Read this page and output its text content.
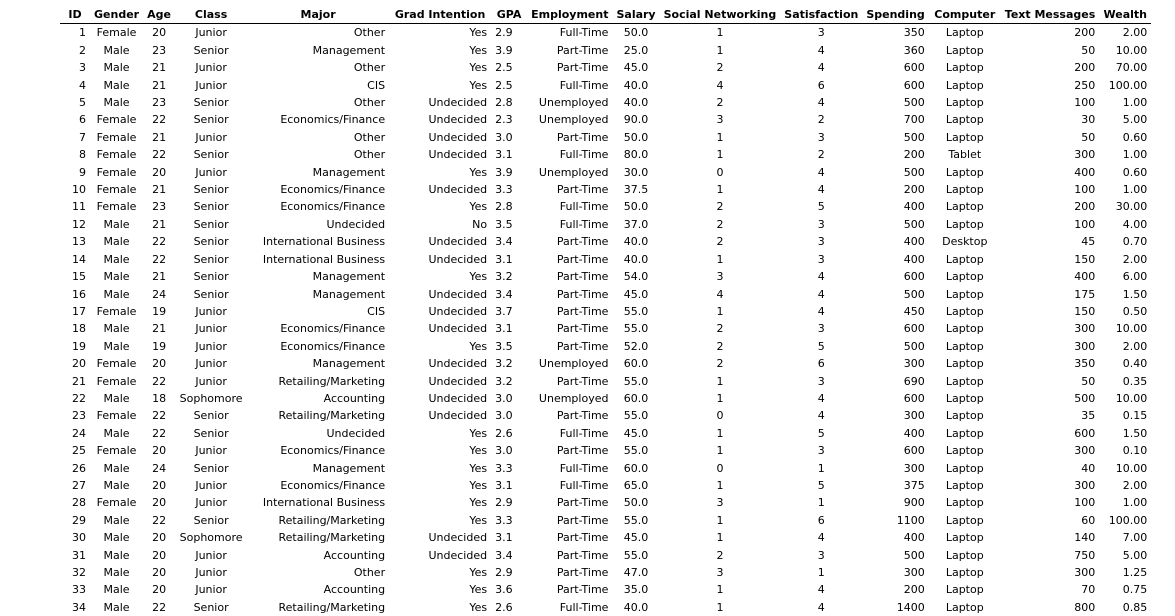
ID	Gender	Age	Class	Major	Grad Intention	GPA	Employment	Salary	Social Networking	Satisfaction	Spending	Computer	Text Messages	Wealth
1	Female	20	Junior	Other	Yes	2.9	Full-Time	50.0	1	3	350	Laptop	200	2.00
2	Male	23	Senior	Management	Yes	3.9	Part-Time	25.0	1	4	360	Laptop	50	10.00
3	Male	21	Junior	Other	Yes	2.5	Part-Time	45.0	2	4	600	Laptop	200	70.00
4	Male	21	Junior	CIS	Yes	2.5	Full-Time	40.0	4	6	600	Laptop	250	100.00
5	Male	23	Senior	Other	Undecided	2.8	Unemployed	40.0	2	4	500	Laptop	100	1.00
6	Female	22	Senior	Economics/Finance	Undecided	2.3	Unemployed	90.0	3	2	700	Laptop	30	5.00
7	Female	21	Junior	Other	Undecided	3.0	Part-Time	50.0	1	3	500	Laptop	50	0.60
8	Female	22	Senior	Other	Undecided	3.1	Full-Time	80.0	1	2	200	Tablet	300	1.00
9	Female	20	Junior	Management	Yes	3.9	Unemployed	30.0	0	4	500	Laptop	400	0.60
10	Female	21	Senior	Economics/Finance	Undecided	3.3	Part-Time	37.5	1	4	200	Laptop	100	1.00
11	Female	23	Senior	Economics/Finance	Yes	2.8	Full-Time	50.0	2	5	400	Laptop	200	30.00
12	Male	21	Senior	Undecided	No	3.5	Full-Time	37.0	2	3	500	Laptop	100	4.00
13	Male	22	Senior	International Business	Undecided	3.4	Part-Time	40.0	2	3	400	Desktop	45	0.70
14	Male	22	Senior	International Business	Undecided	3.1	Part-Time	40.0	1	3	400	Laptop	150	2.00
15	Male	21	Senior	Management	Yes	3.2	Part-Time	54.0	3	4	600	Laptop	400	6.00
16	Male	24	Senior	Management	Undecided	3.4	Part-Time	45.0	4	4	500	Laptop	175	1.50
17	Female	19	Junior	CIS	Undecided	3.7	Part-Time	55.0	1	4	450	Laptop	150	0.50
18	Male	21	Junior	Economics/Finance	Undecided	3.1	Part-Time	55.0	2	3	600	Laptop	300	10.00
19	Male	19	Junior	Economics/Finance	Yes	3.5	Part-Time	52.0	2	5	500	Laptop	300	2.00
20	Female	20	Junior	Management	Undecided	3.2	Unemployed	60.0	2	6	300	Laptop	350	0.40
21	Female	22	Junior	Retailing/Marketing	Undecided	3.2	Part-Time	55.0	1	3	690	Laptop	50	0.35
22	Male	18	Sophomore	Accounting	Undecided	3.0	Unemployed	60.0	1	4	600	Laptop	500	10.00
23	Female	22	Senior	Retailing/Marketing	Undecided	3.0	Part-Time	55.0	0	4	300	Laptop	35	0.15
24	Male	22	Senior	Undecided	Yes	2.6	Full-Time	45.0	1	5	400	Laptop	600	1.50
25	Female	20	Junior	Economics/Finance	Yes	3.0	Part-Time	55.0	1	3	600	Laptop	300	0.10
26	Male	24	Senior	Management	Yes	3.3	Full-Time	60.0	0	1	300	Laptop	40	10.00
27	Male	20	Junior	Economics/Finance	Yes	3.1	Full-Time	65.0	1	5	375	Laptop	300	2.00
28	Female	20	Junior	International Business	Yes	2.9	Part-Time	50.0	3	1	900	Laptop	100	1.00
29	Male	22	Senior	Retailing/Marketing	Yes	3.3	Part-Time	55.0	1	6	1100	Laptop	60	100.00
30	Male	20	Sophomore	Retailing/Marketing	Undecided	3.1	Part-Time	45.0	1	4	400	Laptop	140	7.00
31	Male	20	Junior	Accounting	Undecided	3.4	Part-Time	55.0	2	3	500	Laptop	750	5.00
32	Male	20	Junior	Other	Yes	2.9	Part-Time	47.0	3	1	300	Laptop	300	1.25
33	Male	20	Junior	Accounting	Yes	3.6	Part-Time	35.0	1	4	200	Laptop	70	0.75
34	Male	22	Senior	Retailing/Marketing	Yes	2.6	Full-Time	40.0	1	4	1400	Laptop	800	0.85
